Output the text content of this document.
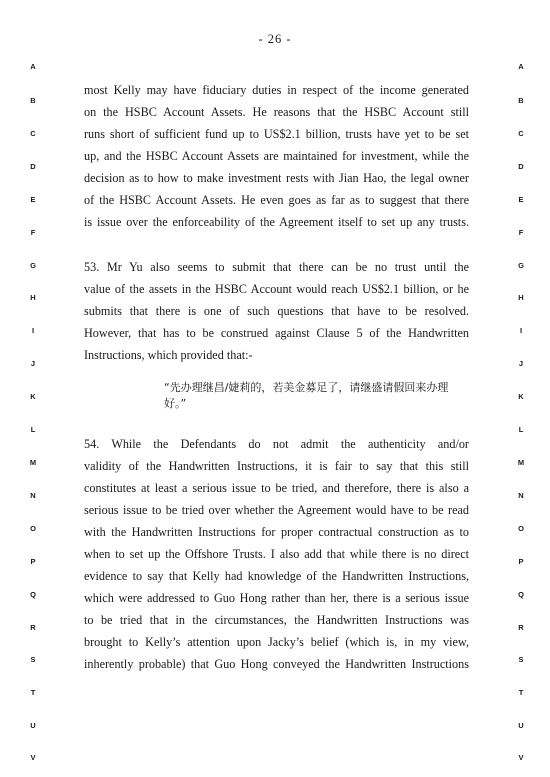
- 26 -
A
B
C
D
E
F
G
H
I
J
K
L
M
N
O
P
Q
R
S
T
U
V
A
B
C
D
E
F
G
H
I
J
K
L
M
N
O
P
Q
R
S
T
U
V
most Kelly may have fiduciary duties in respect of the income generated
on the HSBC Account Assets. He reasons that the HSBC Account still
runs short of sufficient fund up to US$2.1 billion, trusts have yet to be set
up, and the HSBC Account Assets are maintained for investment, while the
decision as to how to make investment rests with Jian Hao, the legal owner
of the HSBC Account Assets. He even goes as far as to suggest that there
is issue over the enforceability of the Agreement itself to set up any trusts.
53. Mr Yu also seems to submit that there can be no trust until the
value of the assets in the HSBC Account would reach US$2.1 billion, or he
submits that there is one of such questions that have to be resolved.
However, that has to be construed against Clause 5 of the Handwritten
Instructions, which provided that:-
“先办理继昌/婕莉的，若美金募足了，请继盛请假回来办理
好。”
54. While the Defendants do not admit the authenticity and/or
validity of the Handwritten Instructions, it is fair to say that this still
constitutes at least a serious issue to be tried, and therefore, there is also a
serious issue to be tried over whether the Agreement would have to be read
with the Handwritten Instructions for proper contractual construction as to
when to set up the Offshore Trusts. I also add that while there is no direct
evidence to say that Kelly had knowledge of the Handwritten Instructions,
which were addressed to Guo Hong rather than her, there is a serious issue
to be tried that in the circumstances, the Handwritten Instructions was
brought to Kelly’s attention upon Jacky’s belief (which is, in my view,
inherently probable) that Guo Hong conveyed the Handwritten Instructions
